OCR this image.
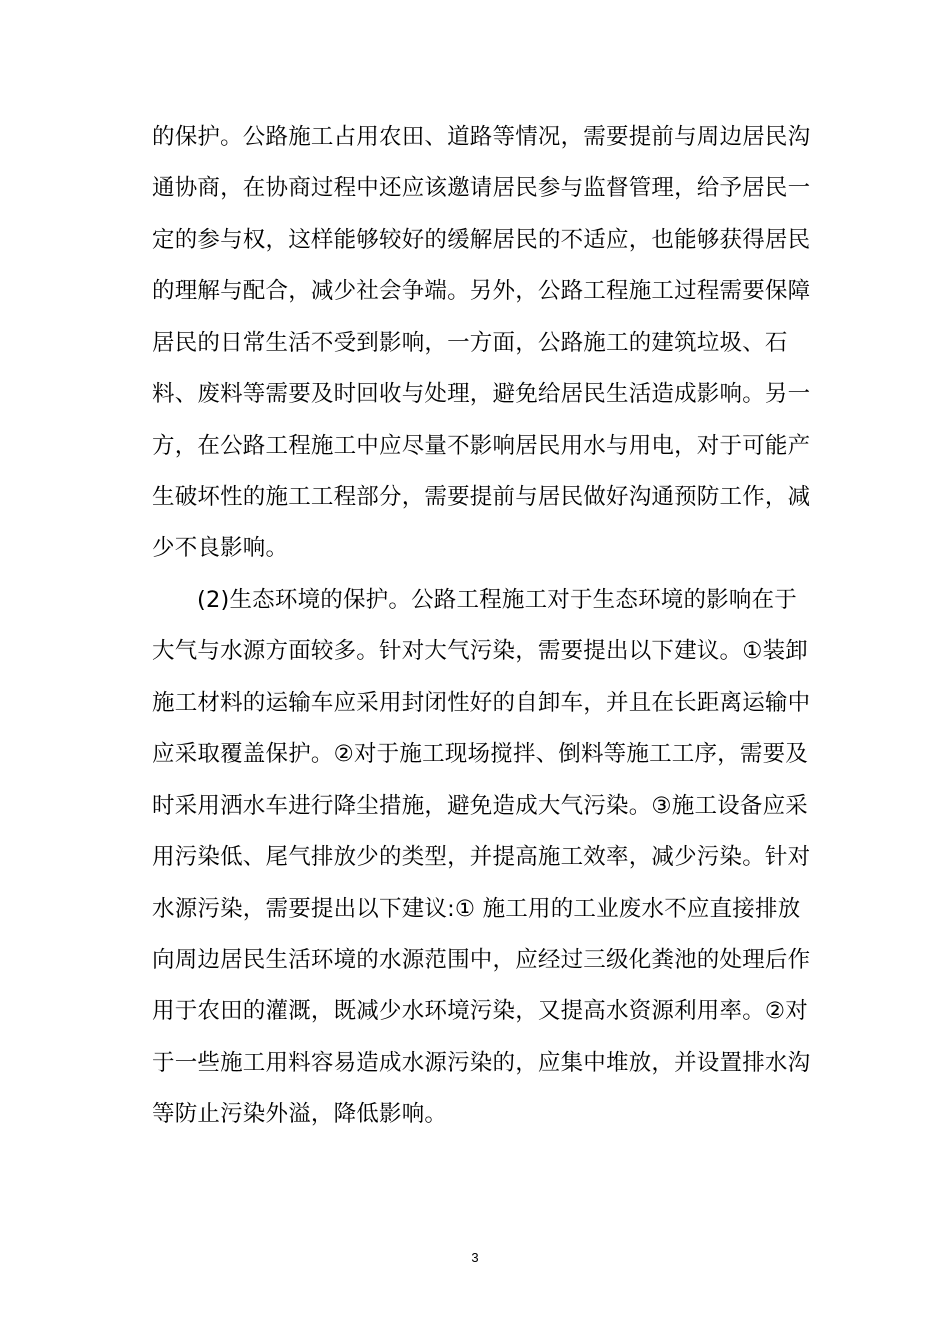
的保护。公路施工占用农田、道路等情况，需要提前与周边居民沟
通协商，在协商过程中还应该邀请居民参与监督管理，给予居民一
定的参与权，这样能够较好的缓解居民的不适应，也能够获得居民
的理解与配合，减少社会争端。另外，公路工程施工过程需要保障
居民的日常生活不受到影响，一方面，公路施工的建筑垃圾、石
料、废料等需要及时回收与处理，避免给居民生活造成影响。另一
方，在公路工程施工中应尽量不影响居民用水与用电，对于可能产
生破坏性的施工工程部分，需要提前与居民做好沟通预防工作，减
少不良影响。
(2)生态环境的保护。公路工程施工对于生态环境的影响在于
大气与水源方面较多。针对大气污染，需要提出以下建议。①装卸
施工材料的运输车应采用封闭性好的自卸车，并且在长距离运输中
应采取覆盖保护。②对于施工现场搅拌、倒料等施工工序，需要及
时采用洒水车进行降尘措施，避免造成大气污染。③施工设备应采
用污染低、尾气排放少的类型，并提高施工效率，减少污染。针对
水源污染，需要提出以下建议:① 施工用的工业废水不应直接排放
向周边居民生活环境的水源范围中，应经过三级化粪池的处理后作
用于农田的灌溉，既减少水环境污染，又提高水资源利用率。②对
于一些施工用料容易造成水源污染的，应集中堆放，并设置排水沟
等防止污染外溢，降低影响。
3
